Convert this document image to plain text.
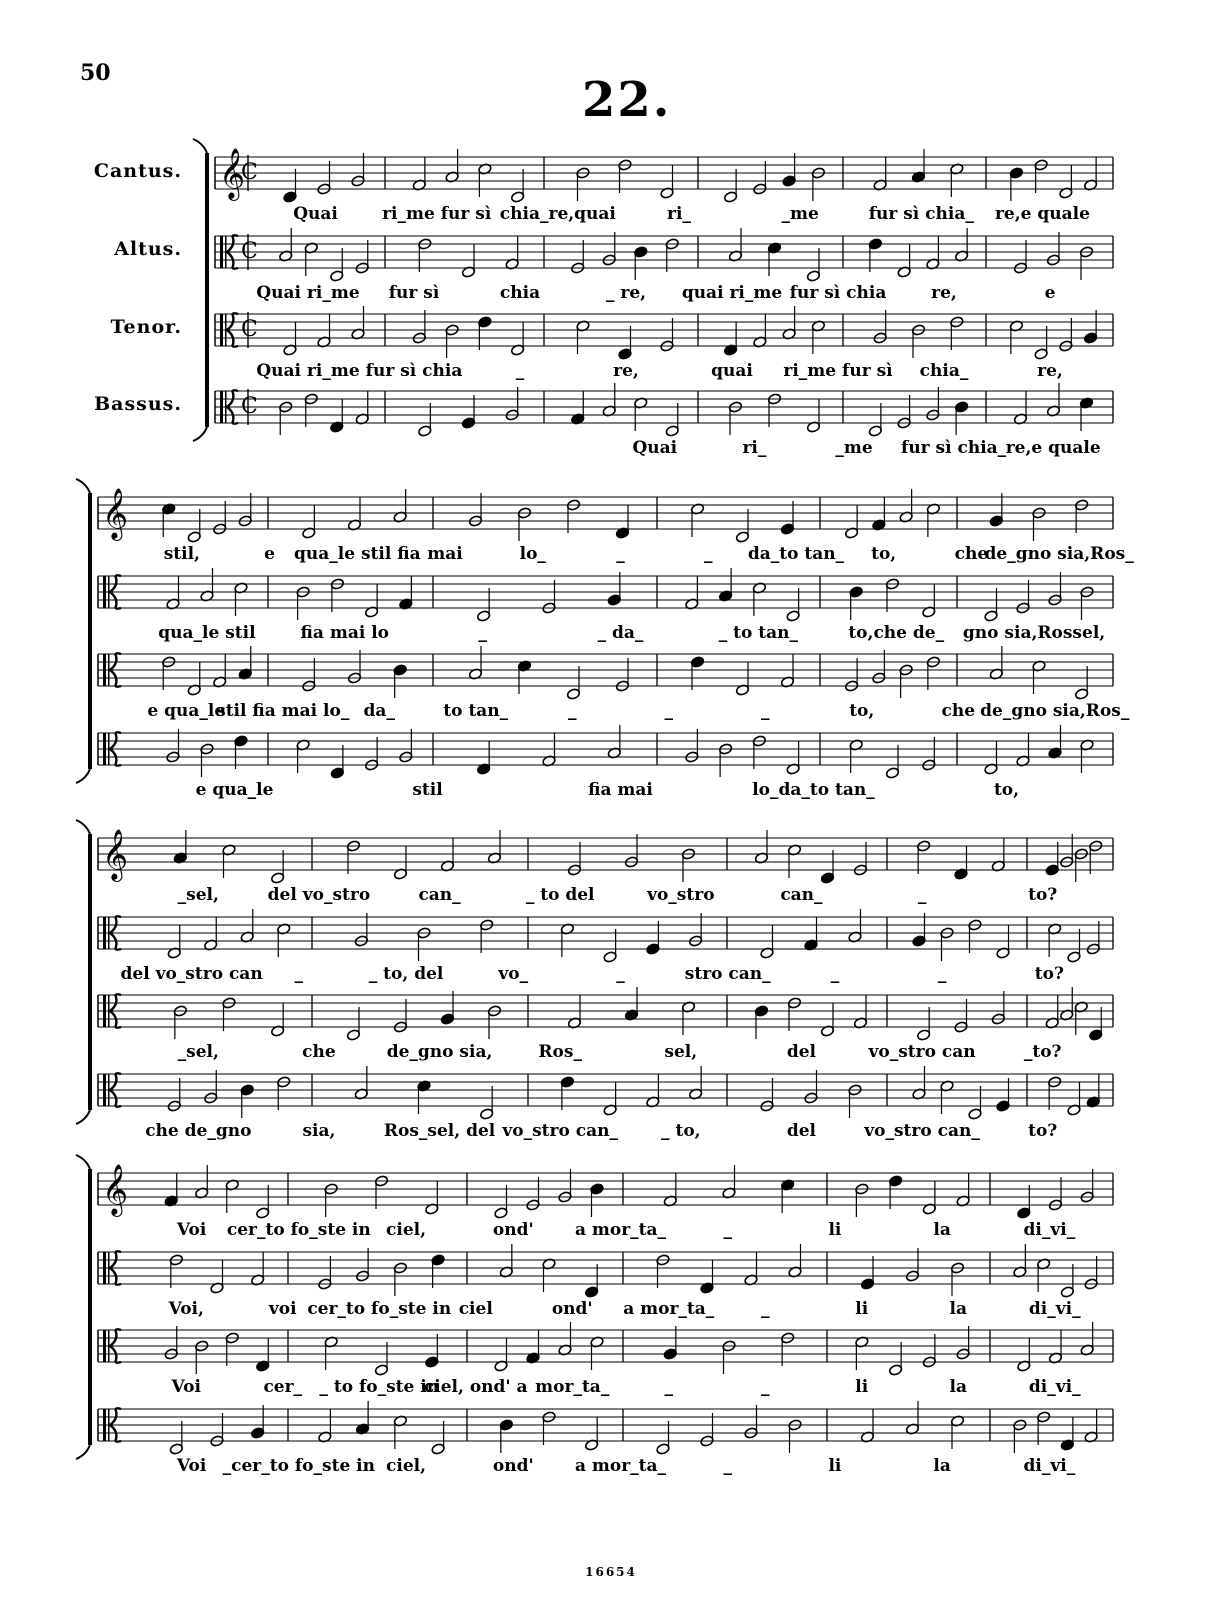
50	22.
Cantus.
Altus.
Tenor.
Bassus.
𝄞
C
C
C
C
𝄞
𝄞
𝄞
Quai	ri_me fur sì chia_re,quai	ri_	_me	fur sì chia_ re,e quale
Quai ri_me fur sì	chia	_ re, quai ri_me fur sì chia	re,	e
Quai ri_me fur sì chia	_	re,	quai ri_me fur sì chia_	re,
Quai	ri_	_me fur sì chia_ re,e quale
stil,	e qua_le stil fia mai	lo_	_	_ da_to tan_ to,	che
de_gno sia,Ros_
qua_le stil	fia mai lo	_	_ da_	_ to tan_	to,che de_ gno sia,Rossel,
e qua_le
stil fia mai lo_ da_	to tan_	_	_	_	to,	che de_gno sia,Ros_
e qua_le	stil	fia mai	lo_da_to tan_	to,
_sel,	del vo_stro	can_	_ to del	vo_stro	can_	_	to?
del vo_stro can _	_ to, del	vo_	_	stro can_	_	_	to?
_sel,	che	de_gno sia,	Ros_	sel,	del	vo_stro can	_to?
che de_gno	sia,	Ros_sel, del vo_stro can_	_ to,	del	vo_stro can_	to?
Voi cer_to fo_ste in ciel,	ond' a mor_ta_	_	li	la	di_vi_
Voi,	voi cer_to fo_ste in ciel	ond' a mor_ta_	_	li	la	di_vi_
Voi	cer_ _ to fo_ste in
ciel, ond' a mor_ta_	_	_	li	la	di_vi_
Voi _cer_to fo_ste in ciel,	ond' a mor_ta_	_	li	la	di_vi_
16654
